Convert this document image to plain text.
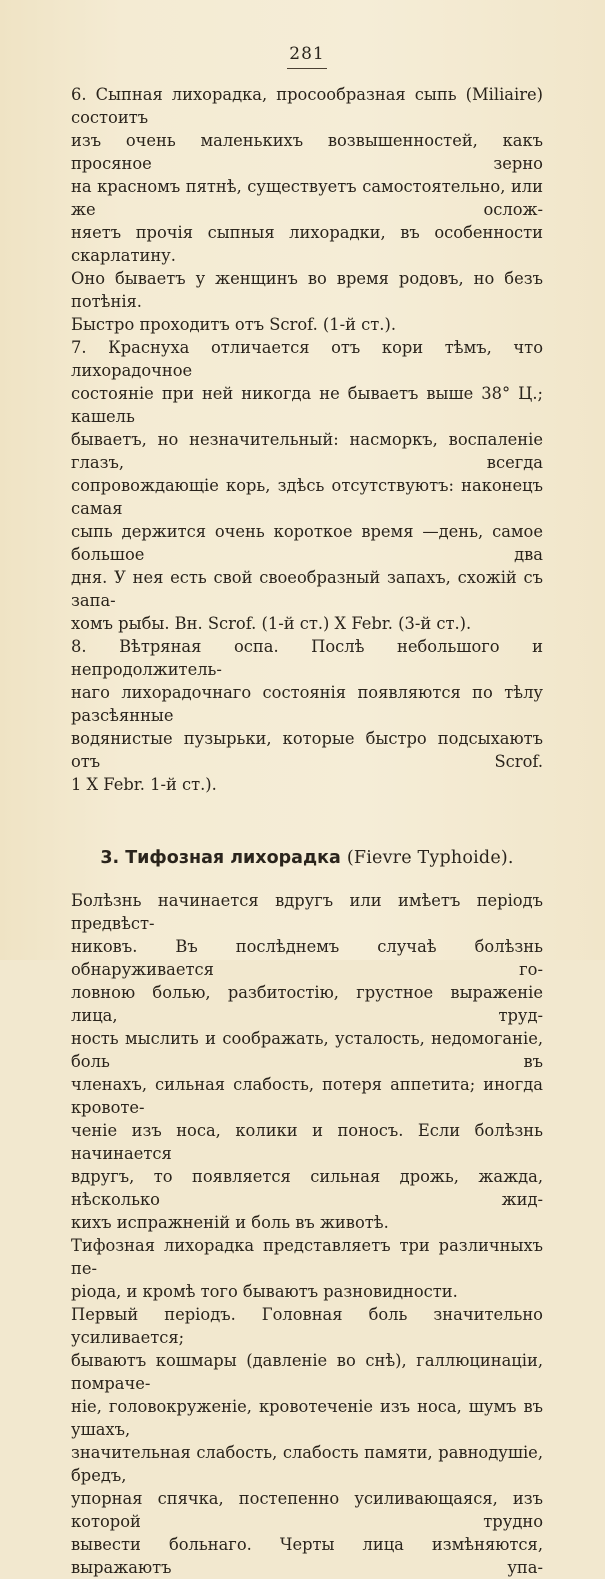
281

6. Сыпная лихорадка, просообразная сыпь (Miliaire) состоитъ

изъ очень маленькихъ возвышенностей, какъ просяное зерно

на красномъ пятнѣ, существуетъ самостоятельно, или же ослож-

няетъ прочія сыпныя лихорадки, въ особенности скарлатину.

Оно бываетъ у женщинъ во время родовъ, но безъ потѣнія.

Быстро проходитъ отъ Scrof. (1-й ст.).

7. Краснуха отличается отъ кори тѣмъ, что лихорадочное

состояніе при ней никогда не бываетъ выше 38° Ц.; кашель

бываетъ, но незначительный: насморкъ, воспаленіе глазъ, всегда

сопровождающіе корь, здѣсь отсутствуютъ: наконецъ самая

сыпь держится очень короткое время —день, самое большое два

дня. У нея есть свой своеобразный запахъ, схожій съ запа-

хомъ рыбы. Вн. Scrof. (1-й ст.) X Febr. (3-й ст.).

8. Вѣтряная оспа. Послѣ небольшого и непродолжитель-

наго лихорадочнаго состоянія появляются по тѣлу разсѣянные

водянистые пузырьки, которые быстро подсыхаютъ отъ Scrof.

1 X Febr. 1-й ст.).

3. Тифозная лихорадка (Fievre Typhoide).

Болѣзнь начинается вдругъ или имѣетъ періодъ предвѣст-

никовъ. Въ послѣднемъ случаѣ болѣзнь обнаруживается го-

ловною болью, разбитостію, грустное выраженіе лица, труд-

ность мыслить и соображать, усталость, недомоганіе, боль въ

членахъ, сильная слабость, потеря аппетита; иногда кровоте-

ченіе изъ носа, колики и поносъ. Если болѣзнь начинается

вдругъ, то появляется сильная дрожь, жажда, нѣсколько жид-

кихъ испражненій и боль въ животѣ.

Тифозная лихорадка представляетъ три различныхъ пе-

ріода, и кромѣ того бываютъ разновидности.

Первый періодъ. Головная боль значительно усиливается;

бываютъ кошмары (давленіе во снѣ), галлюцинаціи, помраче-

ніе, головокруженіе, кровотеченіе изъ носа, шумъ въ ушахъ,

значительная слабость, слабость памяти, равнодушіе, бредъ,

упорная спячка, постепенно усиливающаяся, изъ которой трудно

вывести больнаго. Черты лица измѣняются, выражаютъ упа-
